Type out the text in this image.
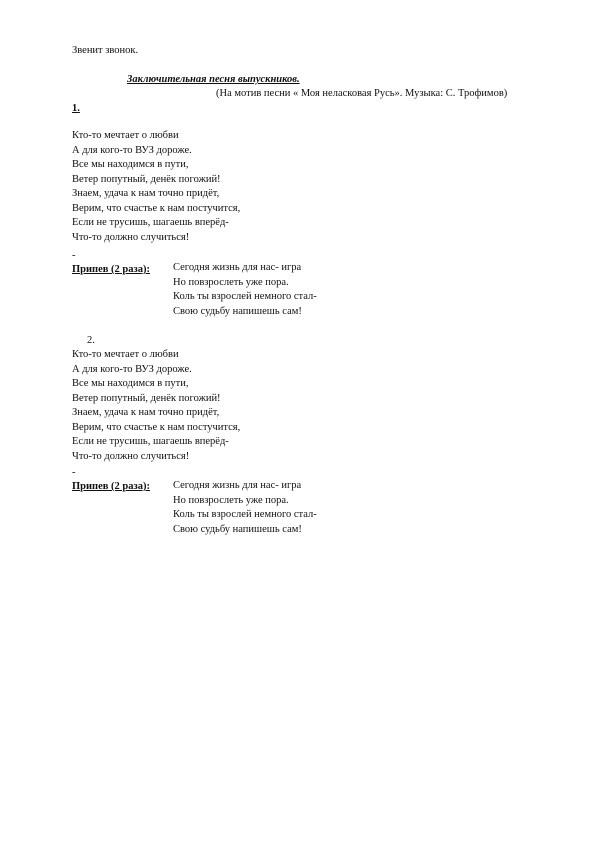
Звенит звонок.
Заключительная песня выпускников.
(На мотив песни « Моя неласковая Русь». Музыка: С. Трофимов)
1.
Кто-то мечтает о любви
А для кого-то ВУЗ дороже.
Все мы находимся в пути,
Ветер попутный, денёк погожий!
Знаем, удача к нам точно придёт,
Верим, что счастье к нам постучится,
Если не трусишь, шагаешь вперёд-
Что-то должно случиться!
-
Припев (2 раза): Сегодня жизнь для нас- игра
Но повзрослеть уже пора.
Коль ты взрослей немного стал-
Свою судьбу напишешь сам!
2.
Кто-то мечтает о любви
А для кого-то ВУЗ дороже.
Все мы находимся в пути,
Ветер попутный, денёк погожий!
Знаем, удача к нам точно придёт,
Верим, что счастье к нам постучится,
Если не трусишь, шагаешь вперёд-
Что-то должно случиться!
-
Припев (2 раза): Сегодня жизнь для нас- игра
Но повзрослеть уже пора.
Коль ты взрослей немного стал-
Свою судьбу напишешь сам!
